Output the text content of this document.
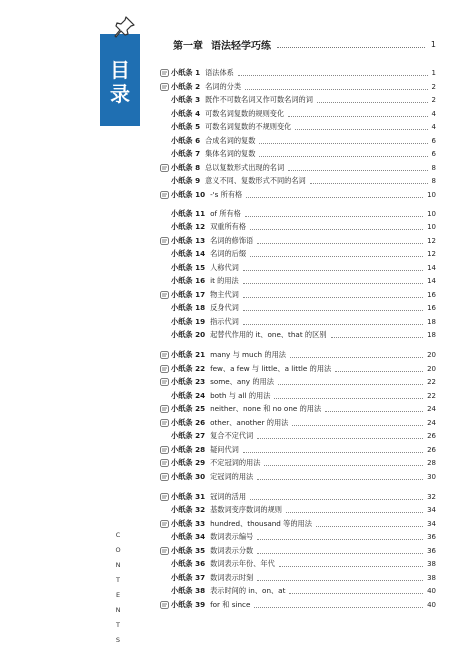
目
录
C
O
N
T
E
N
T
S
第一章 语法轻学巧练	1
小纸条 1 语法体系	1
小纸条 2 名词的分类	2
小纸条 3 既作不可数名词又作可数名词的词	2
小纸条 4 可数名词复数的规则变化	4
小纸条 5 可数名词复数的不规则变化	4
小纸条 6 合成名词的复数	6
小纸条 7 集体名词的复数	6
小纸条 8 总以复数形式出现的名词	8
小纸条 9 意义不同、复数形式不同的名词	8
小纸条 10 -'s 所有格	10
小纸条 11 of 所有格	10
小纸条 12 双重所有格	10
小纸条 13 名词的修饰语	12
小纸条 14 名词的后缀	12
小纸条 15 人称代词	14
小纸条 16 it 的用法	14
小纸条 17 物主代词	16
小纸条 18 反身代词	16
小纸条 19 指示代词	18
小纸条 20 起替代作用的 it、one、that 的区别	18
小纸条 21 many 与 much 的用法	20
小纸条 22 few、a few 与 little、a little 的用法	20
小纸条 23 some、any 的用法	22
小纸条 24 both 与 all 的用法	22
小纸条 25 neither、none 和 no one 的用法	24
小纸条 26 other、another 的用法	24
小纸条 27 复合不定代词	26
小纸条 28 疑问代词	26
小纸条 29 不定冠词的用法	28
小纸条 30 定冠词的用法	30
小纸条 31 冠词的活用	32
小纸条 32 基数词变序数词的规则	34
小纸条 33 hundred、thousand 等的用法	34
小纸条 34 数词表示编号	36
小纸条 35 数词表示分数	36
小纸条 36 数词表示年份、年代	38
小纸条 37 数词表示时刻	38
小纸条 38 表示时间的 in、on、at	40
小纸条 39 for 和 since	40
